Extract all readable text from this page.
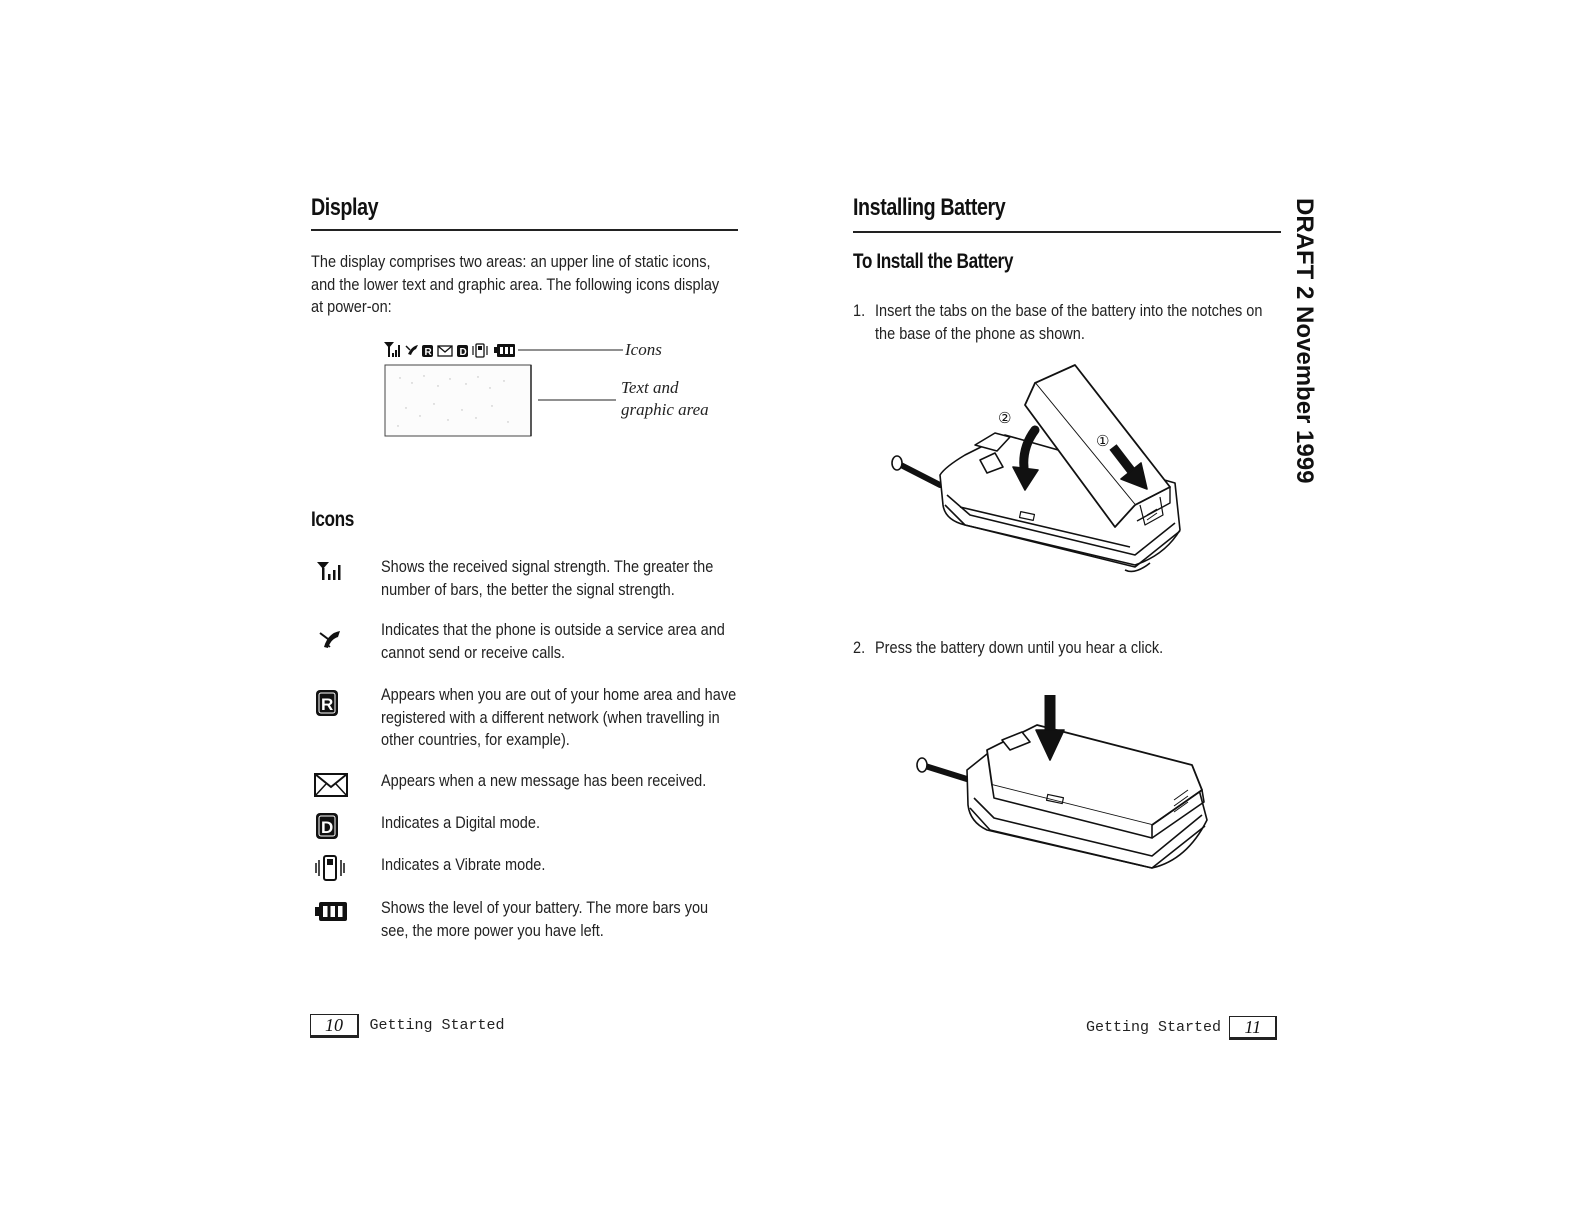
Display
The display comprises two areas: an upper line of static icons, and the lower text and graphic area. The following icons display at power-on:
R	D	Icons
Text and
graphic area
Icons
Shows the received signal strength. The greater the number of bars, the better the signal strength.
Indicates that the phone is outside a service area and cannot send or receive calls.
R	Appears when you are out of your home area and have registered with a different network (when travelling in other countries, for example).
Appears when a new message has been received.
D	Indicates a Digital mode.
Indicates a Vibrate mode.
Shows the level of your battery. The more bars you see, the more power you have left.
10 Getting Started
Installing Battery
To Install the Battery
1. Insert the tabs on the base of the battery into the notches on the base of the phone as shown.
②
①
2. Press the battery down until you hear a click.
Getting Started 11
DRAFT 2 November 1999
